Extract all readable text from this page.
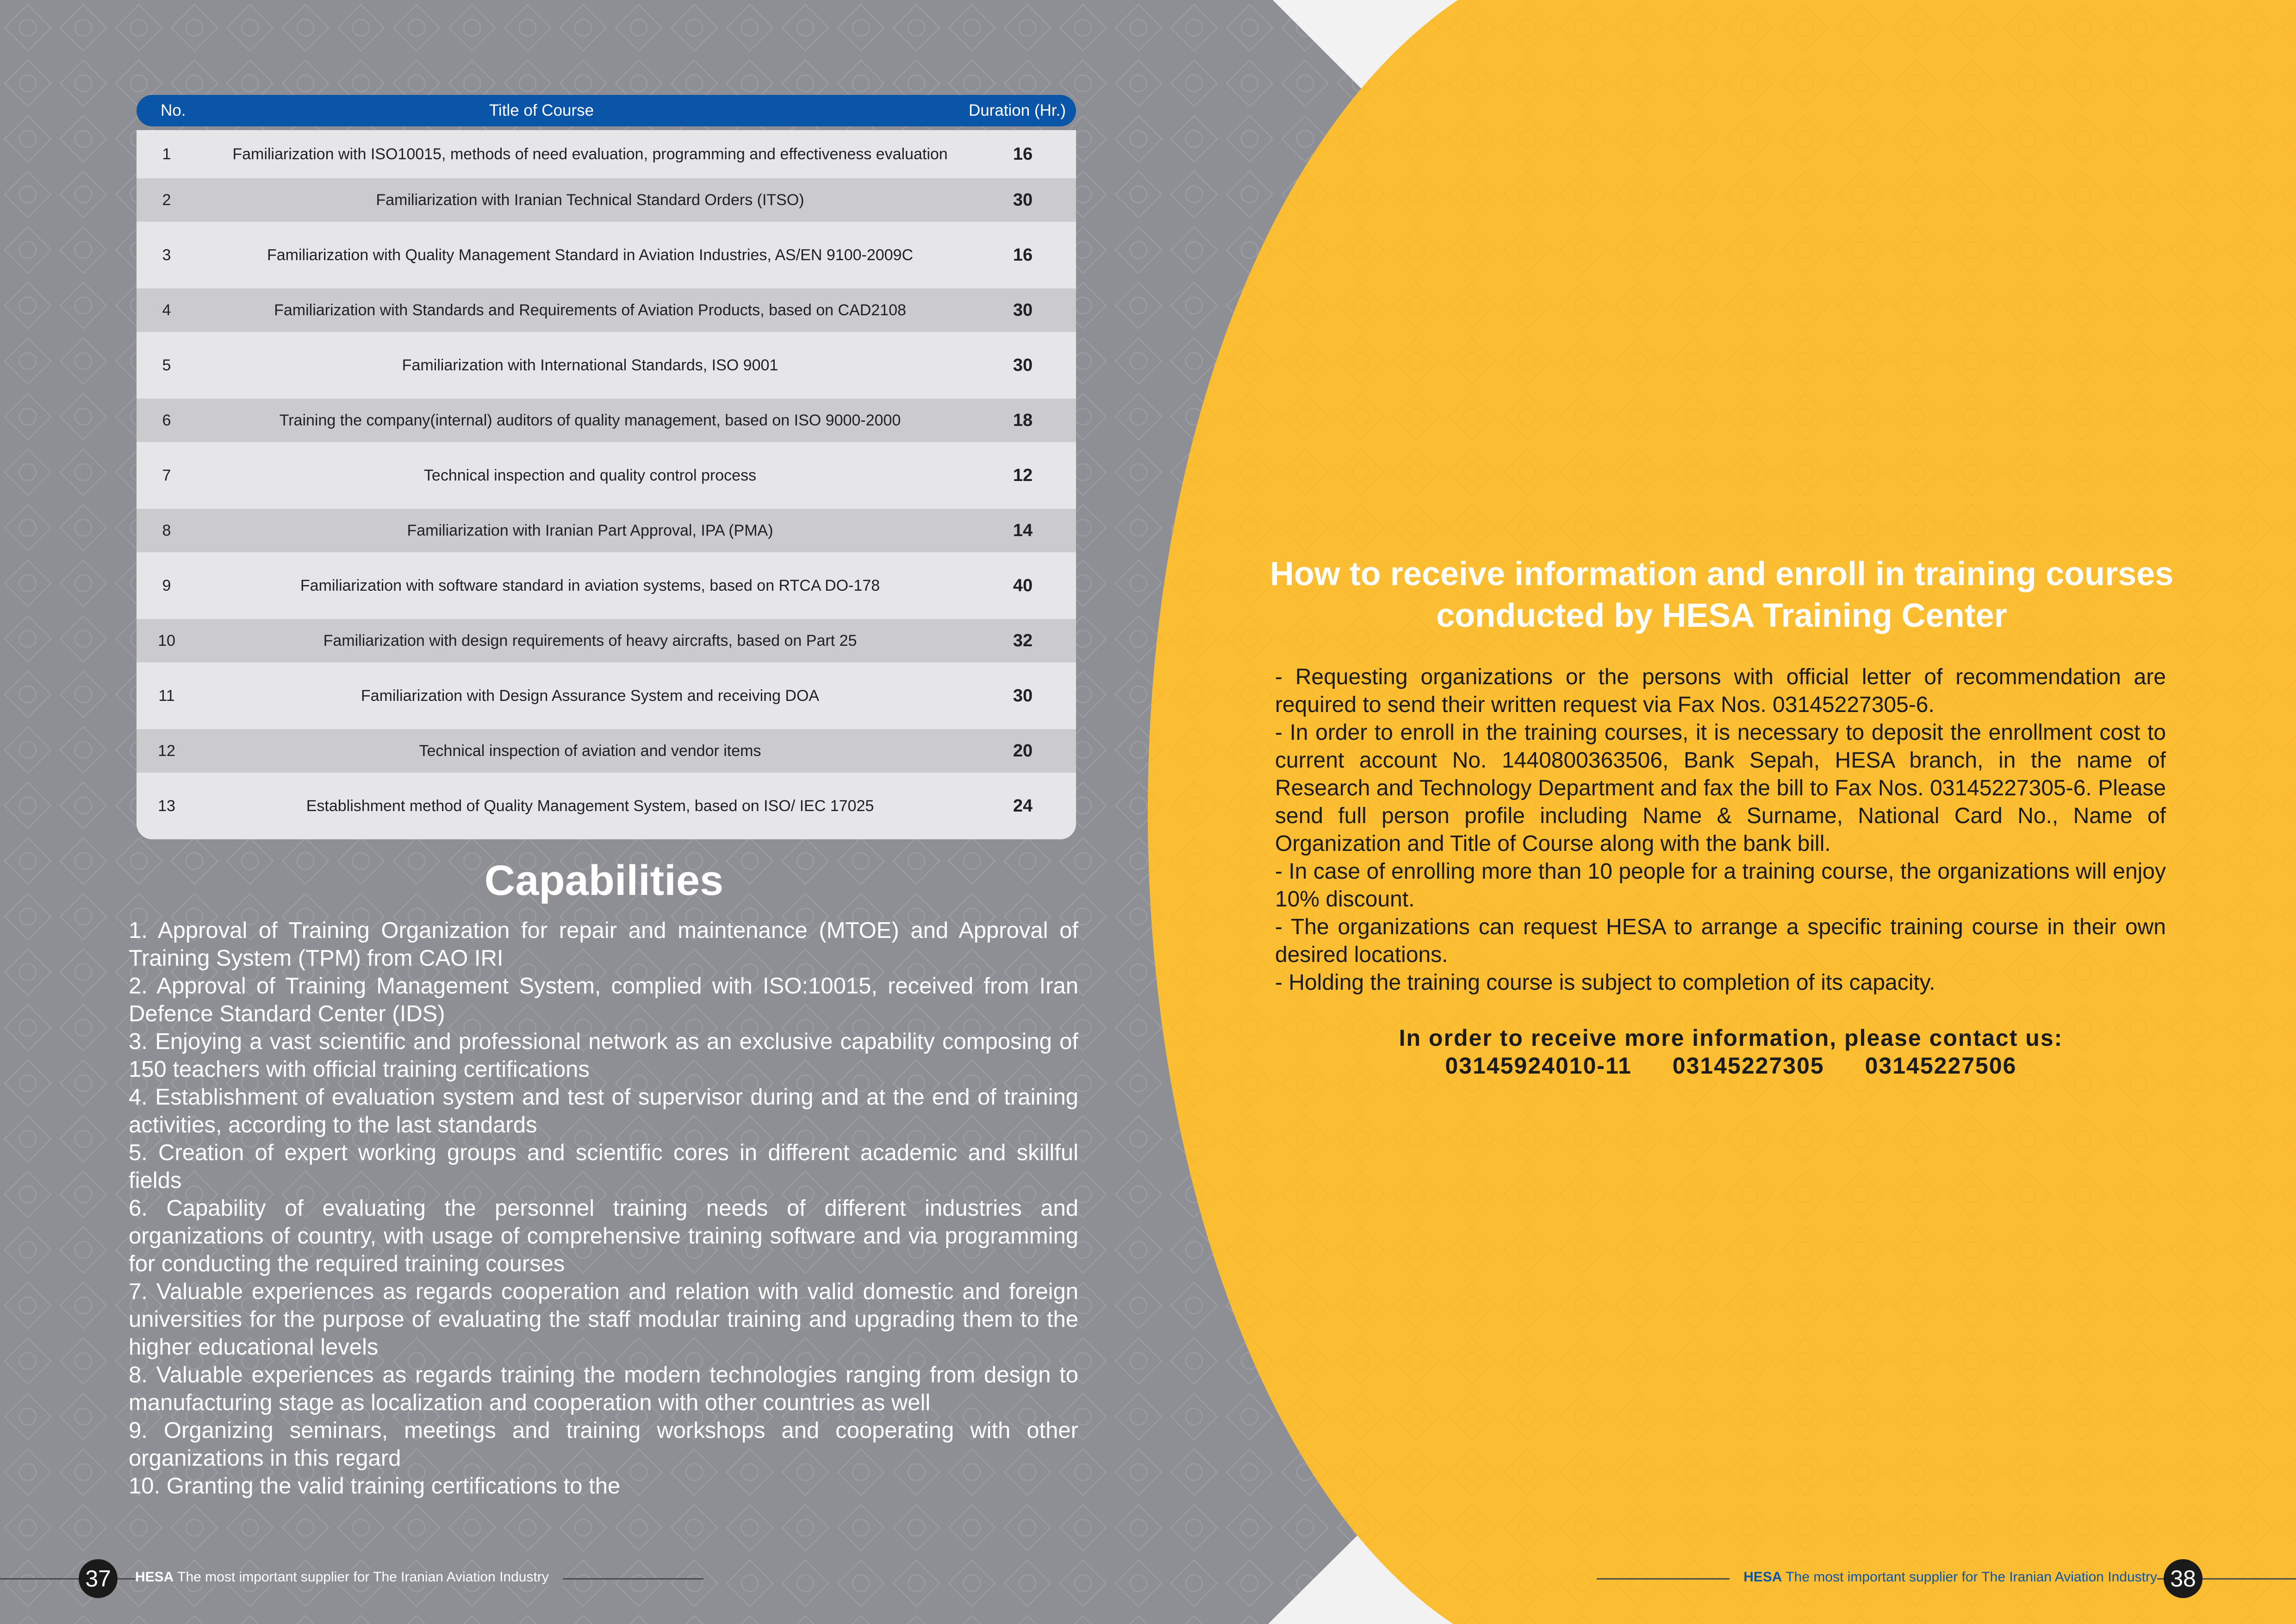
No.	Title of Course	Duration (Hr.)
1	Familiarization with ISO10015, methods of need evaluation, programming and effectiveness evaluation	16
2	Familiarization with Iranian Technical Standard Orders (ITSO)	30
3	Familiarization with Quality Management Standard in Aviation Industries, AS/EN 9100-2009C	16
4	Familiarization with Standards and Requirements of Aviation Products, based on CAD2108	30
5	Familiarization with International Standards, ISO 9001	30
6	Training the company(internal) auditors of quality management, based on ISO 9000-2000	18
7	Technical inspection and quality control process	12
8	Familiarization with Iranian Part Approval, IPA (PMA)	14
9	Familiarization with software standard in aviation systems, based on RTCA DO-178	40
10	Familiarization with design requirements of heavy aircrafts, based on Part 25	32
11	Familiarization with Design Assurance System and receiving DOA	30
12	Technical inspection of aviation and vendor items	20
13	Establishment method of Quality Management System, based on ISO/ IEC 17025	24
Capabilities
1. Approval of Training Organization for repair and maintenance (MTOE) and Approval of Training System (TPM) from CAO IRI
2. Approval of Training Management System, complied with ISO:10015, received from Iran Defence Standard Center (IDS)
3. Enjoying a vast scientific and professional network as an exclusive capability composing of 150 teachers with official training certifications
4. Establishment of evaluation system and test of supervisor during and at the end of training activities, according to the last standards
5. Creation of expert working groups and scientific cores in different academic and skillful fields
6. Capability of evaluating the personnel training needs of different industries and organizations of country, with usage of comprehensive training software and via programming for conducting the required training courses
7. Valuable experiences as regards cooperation and relation with valid domestic and foreign universities for the purpose of evaluating the staff modular training and upgrading them to the higher educational levels
8. Valuable experiences as regards training the modern technologies ranging from design to manufacturing stage as localization and cooperation with other countries as well
9. Organizing seminars, meetings and training workshops and cooperating with other organizations in this regard
10. Granting the valid training certifications to the
How to receive information and enroll in training courses
conducted by HESA Training Center
- Requesting organizations or the persons with official letter of recommendation are required to send their written request via Fax Nos. 03145227305-6.
- In order to enroll in the training courses, it is necessary to deposit the enrollment cost to current account No. 1440800363506, Bank Sepah, HESA branch, in the name of Research and Technology Department and fax the bill to Fax Nos. 03145227305-6. Please send full person profile including Name & Surname, National Card No., Name of Organization and Title of Course along with the bank bill.
- In case of enrolling more than 10 people for a training course, the organizations will enjoy 10% discount.
- The organizations can request HESA to arrange a specific training course in their own desired locations.
- Holding the training course is subject to completion of its capacity.
In order to receive more information, please contact us:
03145924010-11 03145227305 03145227506
37	HESA The most important supplier for The Iranian Aviation Industry	HESA The most important supplier for The Iranian Aviation Industry 38
